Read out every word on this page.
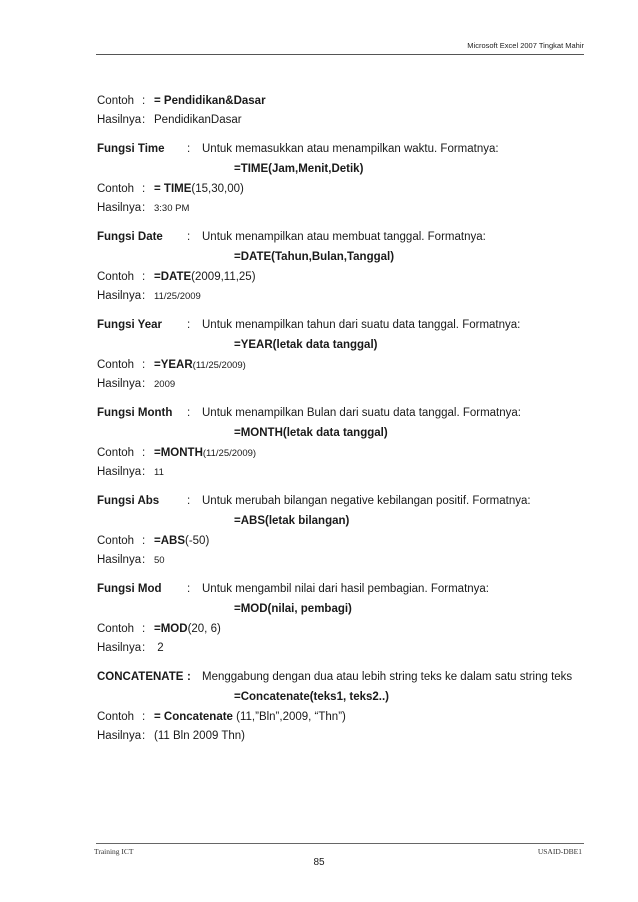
Microsoft Excel 2007 Tingkat Mahir
Contoh : = Pendidikan&Dasar
Hasilnya: PendidikanDasar
Fungsi Time : Untuk memasukkan atau menampilkan waktu. Formatnya:
=TIME(Jam,Menit,Detik)
Contoh : = TIME(15,30,00)
Hasilnya: 3:30 PM
Fungsi Date : Untuk menampilkan atau membuat tanggal. Formatnya:
=DATE(Tahun,Bulan,Tanggal)
Contoh : =DATE(2009,11,25)
Hasilnya: 11/25/2009
Fungsi Year : Untuk menampilkan tahun dari suatu data tanggal. Formatnya:
=YEAR(letak data tanggal)
Contoh : =YEAR(11/25/2009)
Hasilnya: 2009
Fungsi Month : Untuk menampilkan Bulan dari suatu data tanggal. Formatnya:
=MONTH(letak data tanggal)
Contoh : =MONTH(11/25/2009)
Hasilnya: 11
Fungsi Abs : Untuk merubah bilangan negative kebilangan positif. Formatnya:
=ABS(letak bilangan)
Contoh : =ABS(-50)
Hasilnya: 50
Fungsi Mod : Untuk mengambil nilai dari hasil pembagian. Formatnya:
=MOD(nilai, pembagi)
Contoh : =MOD(20, 6)
Hasilnya: 2
CONCATENATE : Menggabung dengan dua atau lebih string teks ke dalam satu string teks
=Concatenate(teks1, teks2..)
Contoh : = Concatenate (11,”Bln”,2009, “Thn”)
Hasilnya: (11 Bln 2009 Thn)
Training ICT	USAID-DBE1
85
